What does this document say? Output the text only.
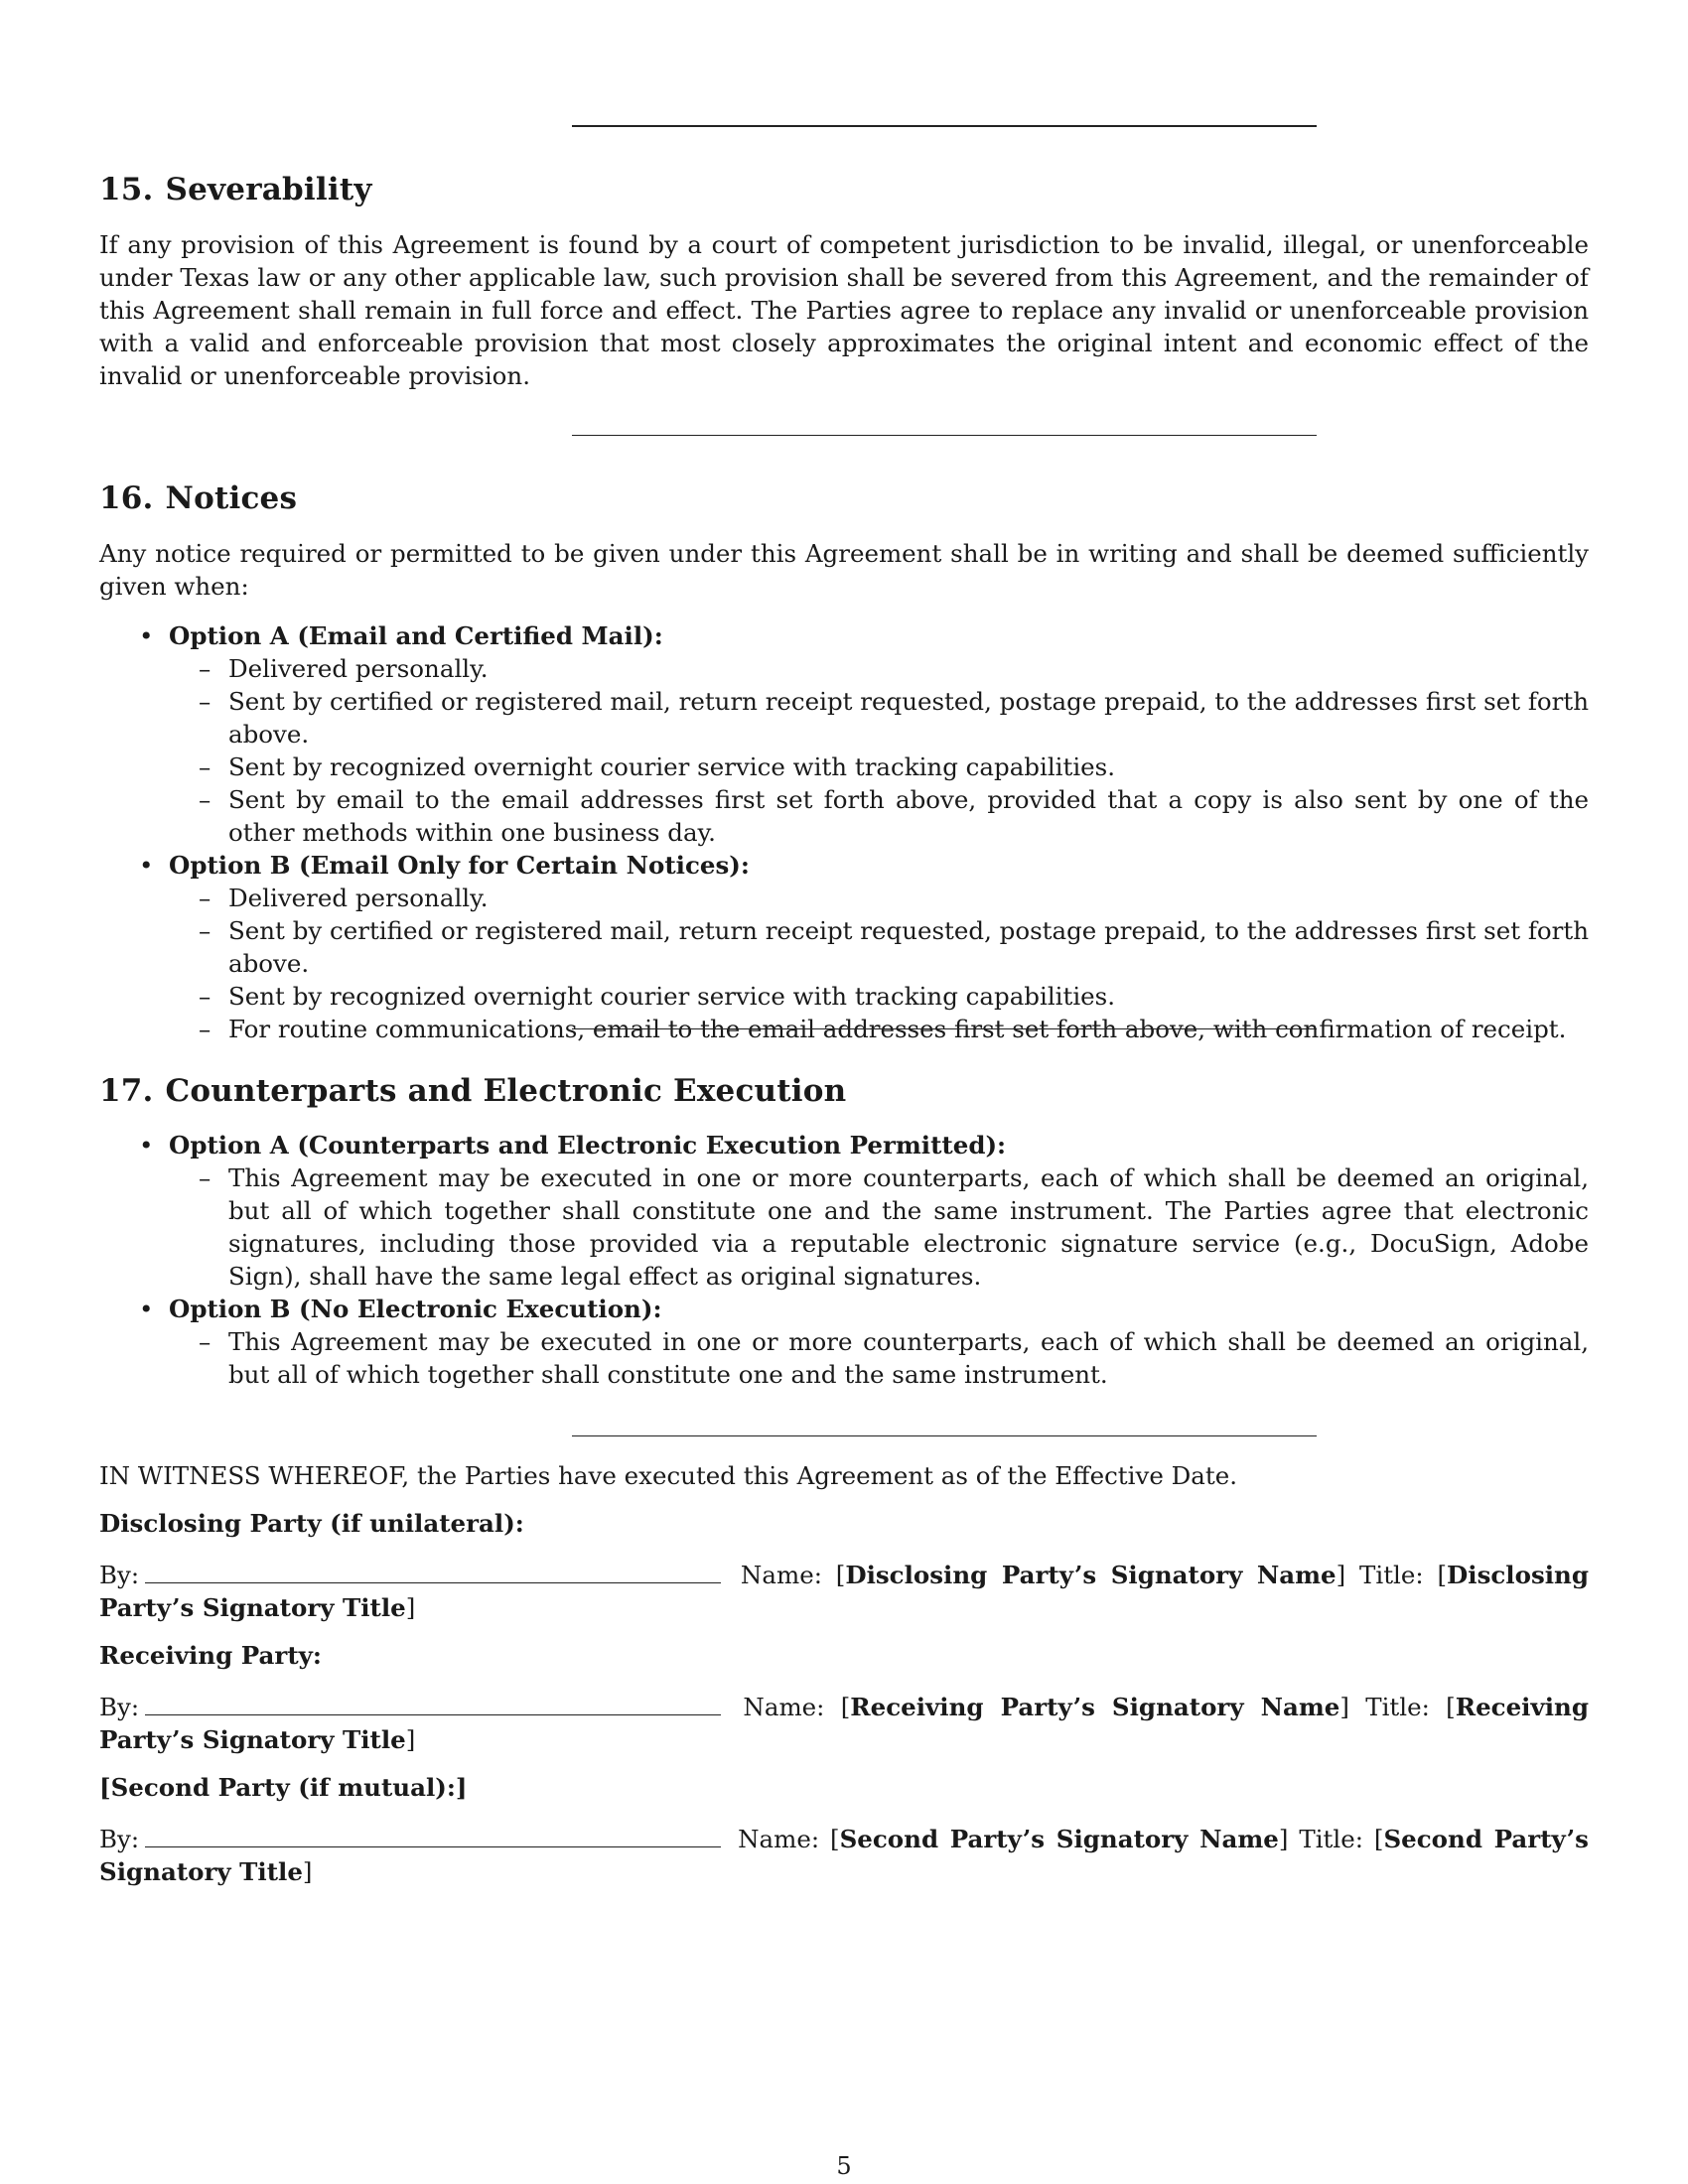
15. Severability

If any provision of this Agreement is found by a court of competent jurisdiction to be invalid, illegal, or unenforceable under Texas law or any other applicable law, such provision shall be severed from this Agreement, and the remainder of this Agreement shall remain in full force and effect. The Parties agree to replace any invalid or unenforceable provision with a valid and enforceable provision that most closely approximates the original intent and economic effect of the invalid or unenforceable provision.

16. Notices

Any notice required or permitted to be given under this Agreement shall be in writing and shall be deemed sufficiently given when:

• Option A (Email and Certified Mail):
– Delivered personally.
– Sent by certified or registered mail, return receipt requested, postage prepaid, to the addresses first set forth above.
– Sent by recognized overnight courier service with tracking capabilities.
– Sent by email to the email addresses first set forth above, provided that a copy is also sent by one of the other methods within one business day.
• Option B (Email Only for Certain Notices):
– Delivered personally.
– Sent by certified or registered mail, return receipt requested, postage prepaid, to the addresses first set forth above.
– Sent by recognized overnight courier service with tracking capabilities.
– For routine communications, email to the email addresses first set forth above, with confirmation of receipt.
17. Counterparts and Electronic Execution
• Option A (Counterparts and Electronic Execution Permitted):
– This Agreement may be executed in one or more counterparts, each of which shall be deemed an original, but all of which together shall constitute one and the same instrument. The Parties agree that electronic signatures, including those provided via a reputable electronic signature service (e.g., DocuSign, Adobe Sign), shall have the same legal effect as original signatures.
• Option B (No Electronic Execution):
– This Agreement may be executed in one or more counterparts, each of which shall be deemed an original, but all of which together shall constitute one and the same instrument.

IN WITNESS WHEREOF, the Parties have executed this Agreement as of the Effective Date.

Disclosing Party (if unilateral):

By:	Name: [Disclosing Party’s Signatory Name] Title: [Disclosing Party’s Signatory Title]

Receiving Party:

By:	Name: [Receiving Party’s Signatory Name] Title: [Receiving Party’s Signatory Title]

[Second Party (if mutual):]

By:	Name: [Second Party’s Signatory Name] Title: [Second Party’s Signatory Title]

5
